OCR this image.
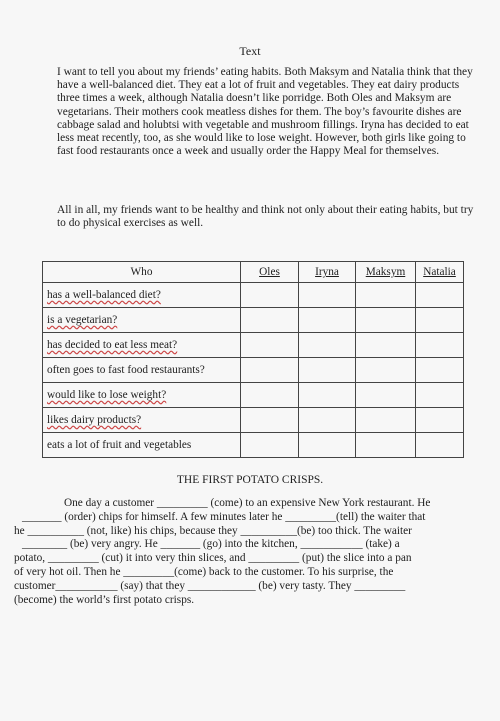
Text

I want to tell you about my friends’ eating habits. Both Maksym and Natalia think that they have a well-balanced diet. They eat a lot of fruit and vegetables. They eat dairy products three times a week, although Natalia doesn’t like porridge. Both Oles and Maksym are vegetarians. Their mothers cook meatless dishes for them. The boy’s favourite dishes are cabbage salad and holubtsi with vegetable and mushroom fillings. Iryna has decided to eat less meat recently, too, as she would like to lose weight. However, both girls like going to fast food restaurants once a week and usually order the Happy Meal for themselves.

All in all, my friends want to be healthy and think not only about their eating habits, but try to do physical exercises as well.

Who	Oles	Iryna	Maksym	Natalia
has a well-balanced diet?				
is a vegetarian?				
has decided to eat less meat?				
often goes to fast food restaurants?				
would like to lose weight?				
likes dairy products?				
eats a lot of fruit and vegetables				
THE FIRST POTATO CRISPS.
One day a customer _________ (come) to an expensive New York restaurant. He
_______ (order) chips for himself. A few minutes later he _________(tell) the waiter that
he __________ (not, like) his chips, because they __________(be) too thick. The waiter
________ (be) very angry. He _______ (go) into the kitchen, ___________ (take) a
potato, _________ (cut) it into very thin slices, and _________ (put) the slice into a pan
of very hot oil. Then he _________(come) back to the customer. To his surprise, the
customer___________ (say) that they ____________ (be) very tasty. They _________
(become) the world’s first potato crisps.
